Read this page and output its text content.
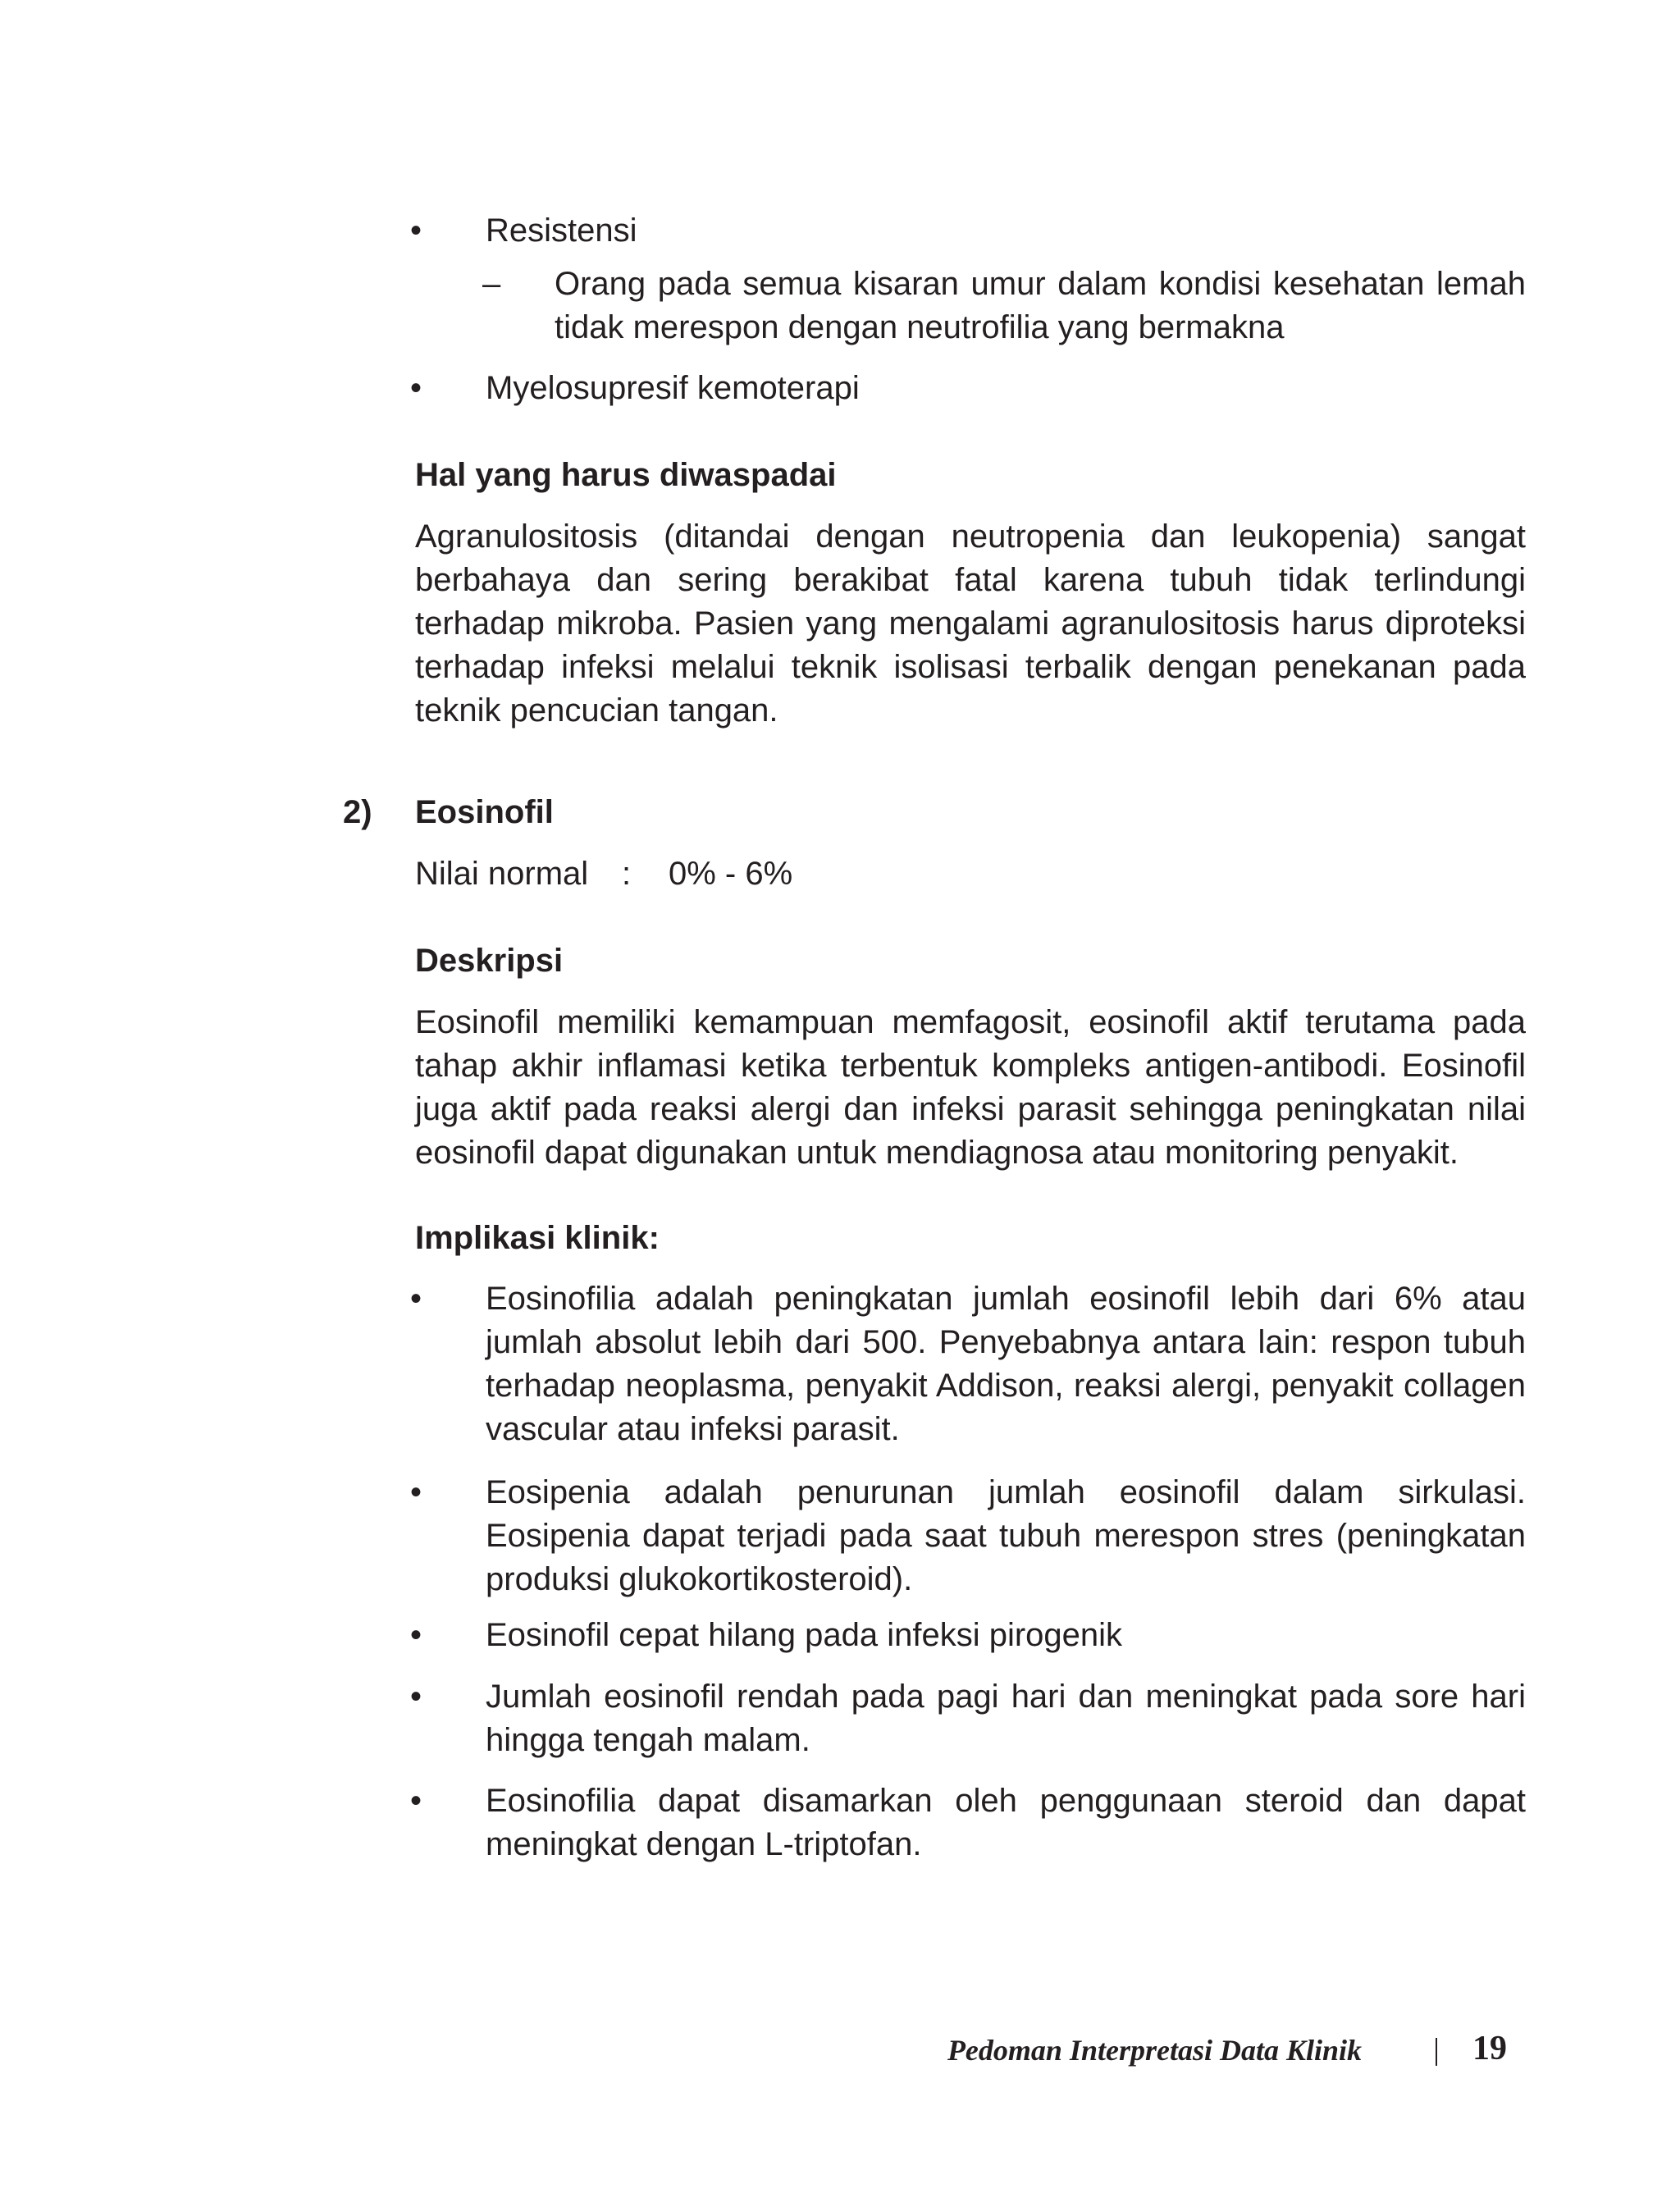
•	Resistensi
– Orang pada semua kisaran umur dalam kondisi kesehatan lemah tidak merespon dengan neutrofilia yang bermakna
•	Myelosupresif kemoterapi
Hal yang harus diwaspadai
Agranulositosis (ditandai dengan neutropenia dan leukopenia) sangat berbahaya dan sering berakibat fatal karena tubuh tidak terlindungi terhadap mikroba. Pasien yang mengalami agranulositosis harus diproteksi terhadap infeksi melalui teknik isolisasi terbalik dengan penekanan pada teknik pencucian tangan.
2) Eosinofil
Nilai normal : 0% - 6%
Deskripsi
Eosinofil memiliki kemampuan memfagosit, eosinofil aktif terutama pada tahap akhir inflamasi ketika terbentuk kompleks antigen-antibodi. Eosinofil juga aktif pada reaksi alergi dan infeksi parasit sehingga peningkatan nilai eosinofil dapat digunakan untuk mendiagnosa atau monitoring penyakit.
Implikasi klinik:
•	Eosinofilia adalah peningkatan jumlah eosinofil lebih dari 6% atau jumlah absolut lebih dari 500. Penyebabnya antara lain: respon tubuh terhadap neoplasma, penyakit Addison, reaksi alergi, penyakit collagen vascular atau infeksi parasit.
•	Eosipenia adalah penurunan jumlah eosinofil dalam sirkulasi. Eosipenia dapat terjadi pada saat tubuh merespon stres (peningkatan produksi glukokortikosteroid).
•	Eosinofil cepat hilang pada infeksi pirogenik
•	Jumlah eosinofil rendah pada pagi hari dan meningkat pada sore hari hingga tengah malam.
•	Eosinofilia dapat disamarkan oleh penggunaan steroid dan dapat meningkat dengan L-triptofan.
Pedoman Interpretasi Data Klinik	19
